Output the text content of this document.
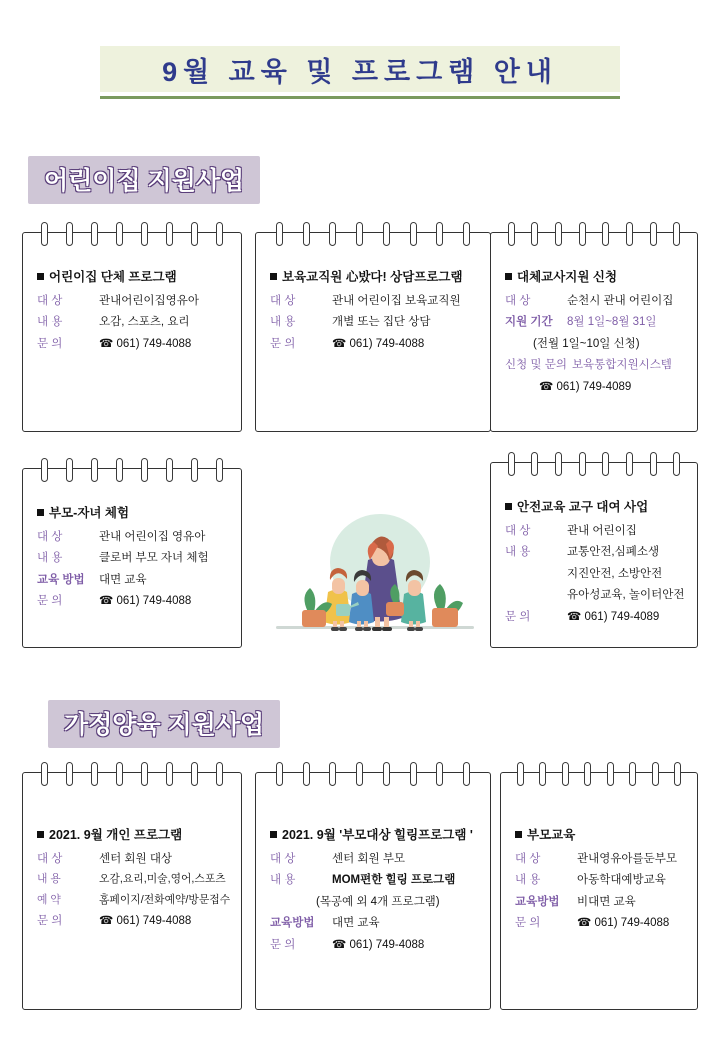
9월 교육 및 프로그램 안내
어린이집 지원사업
가정양육 지원사업
어린이집 단체 프로그램
대 상	관내어린이집영유아
내 용	오감, 스포츠, 요리
문 의	☎ 061) 749-4088
보육교직원 心밨다! 상담프로그램
대 상	관내 어린이집 보육교직원
내 용	개별 또는 집단 상담
문 의	☎ 061) 749-4088
대체교사지원 신청
대 상	순천시 관내 어린이집
지원 기간	8월 1일~8월 31일
(전월 1일~10일 신청)
신청 및 문의 보육통합지원시스템
☎ 061) 749-4089
부모-자녀 체험
대 상	관내 어린이집 영유아
내 용	클로버 부모 자녀 체험
교육 방법	대면 교육
문 의	☎ 061) 749-4088
안전교육 교구 대여 사업
대 상	관내 어린이집
내 용	교통안전,심폐소생
지진안전, 소방안전
유아성교육, 놀이터안전
문 의	☎ 061) 749-4089
2021. 9월 개인 프로그램
대 상	센터 회원 대상
내 용	오감,요리,미술,영어,스포츠
예 약	홈페이지/전화예약/방문접수
문 의	☎ 061) 749-4088
2021. 9월 '부모대상 힐링프로그램 '
대 상	센터 회원 부모
내 용	MOM편한 힐링 프로그램
(목공예 외 4개 프로그램)
교육방법	대면 교육
문 의	☎ 061) 749-4088
부모교육
대 상	관내영유아를둔부모
내 용	아동학대예방교육
교육방법	비대면 교육
문 의	☎ 061) 749-4088
